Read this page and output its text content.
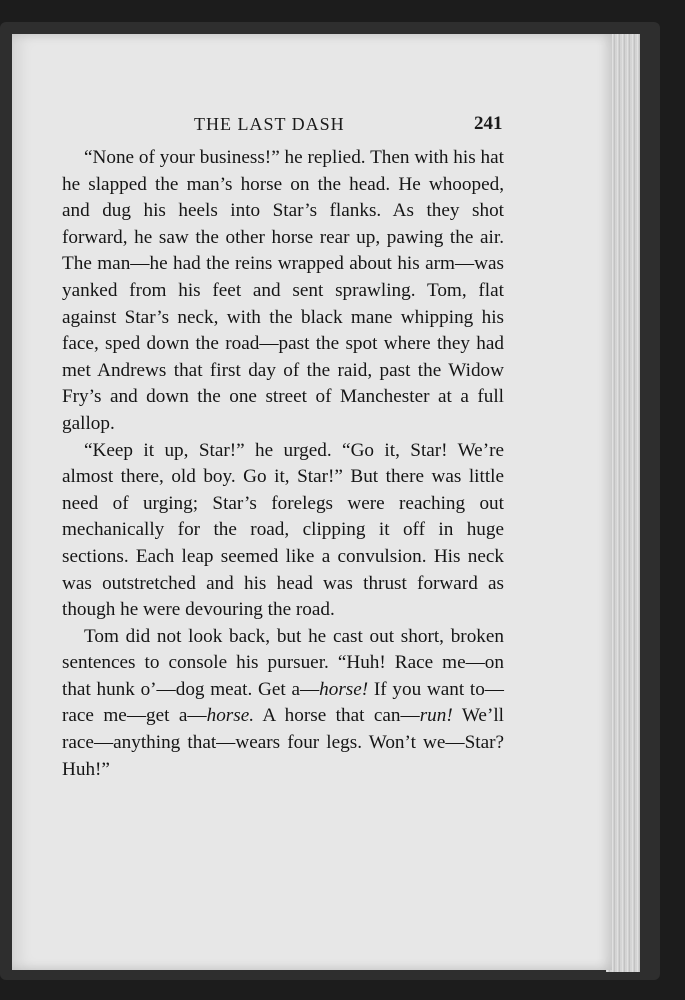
THE LAST DASH	241

“None of your business!” he replied. Then with his hat he slapped the man’s horse on the head. He whooped, and dug his heels into Star’s flanks. As they shot forward, he saw the other horse rear up, pawing the air. The man—he had the reins wrapped about his arm—was yanked from his feet and sent sprawling. Tom, flat against Star’s neck, with the black mane whipping his face, sped down the road—past the spot where they had met Andrews that first day of the raid, past the Widow Fry’s and down the one street of Manchester at a full gallop.

“Keep it up, Star!” he urged. “Go it, Star! We’re almost there, old boy. Go it, Star!” But there was little need of urging; Star’s forelegs were reaching out mechanically for the road, clipping it off in huge sections. Each leap seemed like a convulsion. His neck was outstretched and his head was thrust forward as though he were devouring the road.

Tom did not look back, but he cast out short, broken sentences to console his pursuer. “Huh! Race me—on that hunk o’—dog meat. Get a—horse! If you want to—race me—get a—horse. A horse that can—run! We’ll race—anything that—wears four legs. Won’t we—Star? Huh!”
